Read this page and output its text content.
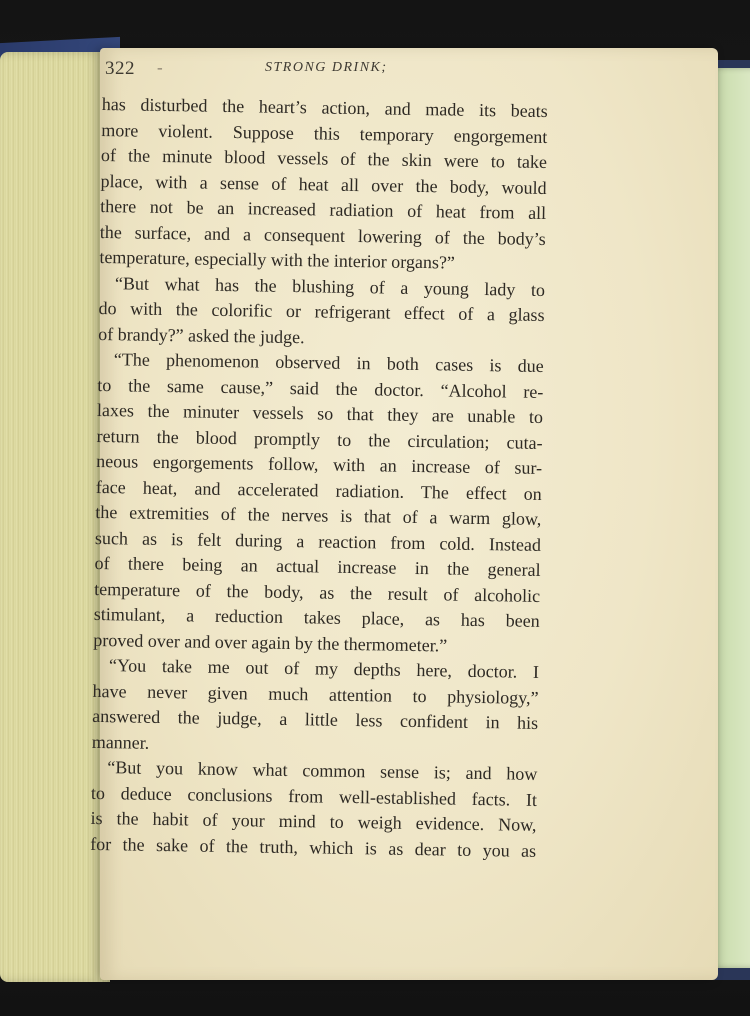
322 -	STRONG DRINK;
has disturbed the heart’s action, and made its beats
more violent. Suppose this temporary engorgement
of the minute blood vessels of the skin were to take
place, with a sense of heat all over the body, would
there not be an increased radiation of heat from all
the surface, and a consequent lowering of the body’s
temperature, especially with the interior organs?”
“But what has the blushing of a young lady to
do with the colorific or refrigerant effect of a glass
of brandy?” asked the judge.
“The phenomenon observed in both cases is due
to the same cause,” said the doctor. “Alcohol re-
laxes the minuter vessels so that they are unable to
return the blood promptly to the circulation; cuta-
neous engorgements follow, with an increase of sur-
face heat, and accelerated radiation. The effect on
the extremities of the nerves is that of a warm glow,
such as is felt during a reaction from cold. Instead
of there being an actual increase in the general
temperature of the body, as the result of alcoholic
stimulant, a reduction takes place, as has been
proved over and over again by the thermometer.”
“You take me out of my depths here, doctor. I
have never given much attention to physiology,”
answered the judge, a little less confident in his
manner.
“But you know what common sense is; and how
to deduce conclusions from well-established facts. It
is the habit of your mind to weigh evidence. Now,
for the sake of the truth, which is as dear to you as
